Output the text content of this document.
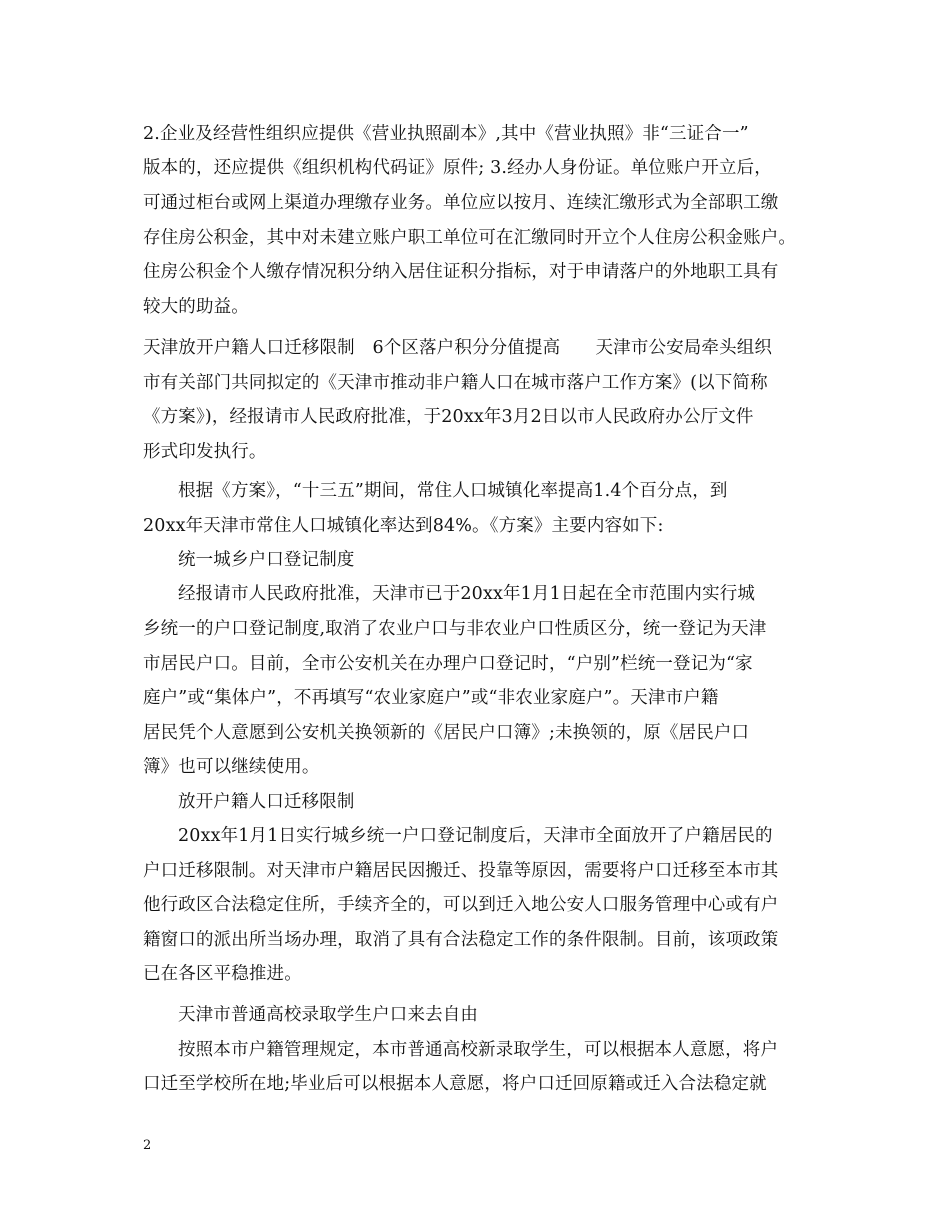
2.企业及经营性组织应提供《营业执照副本》,其中《营业执照》非“三证合一”
版本的，还应提供《组织机构代码证》原件; 3.经办人身份证。单位账户开立后，
可通过柜台或网上渠道办理缴存业务。单位应以按月、连续汇缴形式为全部职工缴
存住房公积金，其中对未建立账户职工单位可在汇缴同时开立个人住房公积金账户。
住房公积金个人缴存情况积分纳入居住证积分指标，对于申请落户的外地职工具有
较大的助益。
天津放开户籍人口迁移限制　6个区落户积分分值提高　　天津市公安局牵头组织
市有关部门共同拟定的《天津市推动非户籍人口在城市落户工作方案》(以下简称
《方案》)，经报请市人民政府批准，于20xx年3月2日以市人民政府办公厅文件
形式印发执行。
根据《方案》，“十三五”期间，常住人口城镇化率提高1.4个百分点，到
20xx年天津市常住人口城镇化率达到84%。《方案》主要内容如下:
统一城乡户口登记制度
经报请市人民政府批准，天津市已于20xx年1月1日起在全市范围内实行城
乡统一的户口登记制度,取消了农业户口与非农业户口性质区分，统一登记为天津
市居民户口。目前，全市公安机关在办理户口登记时，“户别”栏统一登记为“家
庭户”或“集体户”，不再填写“农业家庭户”或“非农业家庭户”。天津市户籍
居民凭个人意愿到公安机关换领新的《居民户口簿》;未换领的，原《居民户口
簿》也可以继续使用。
放开户籍人口迁移限制
20xx年1月1日实行城乡统一户口登记制度后，天津市全面放开了户籍居民的
户口迁移限制。对天津市户籍居民因搬迁、投靠等原因，需要将户口迁移至本市其
他行政区合法稳定住所，手续齐全的，可以到迁入地公安人口服务管理中心或有户
籍窗口的派出所当场办理，取消了具有合法稳定工作的条件限制。目前，该项政策
已在各区平稳推进。
天津市普通高校录取学生户口来去自由
按照本市户籍管理规定，本市普通高校新录取学生，可以根据本人意愿，将户
口迁至学校所在地;毕业后可以根据本人意愿，将户口迁回原籍或迁入合法稳定就
2
